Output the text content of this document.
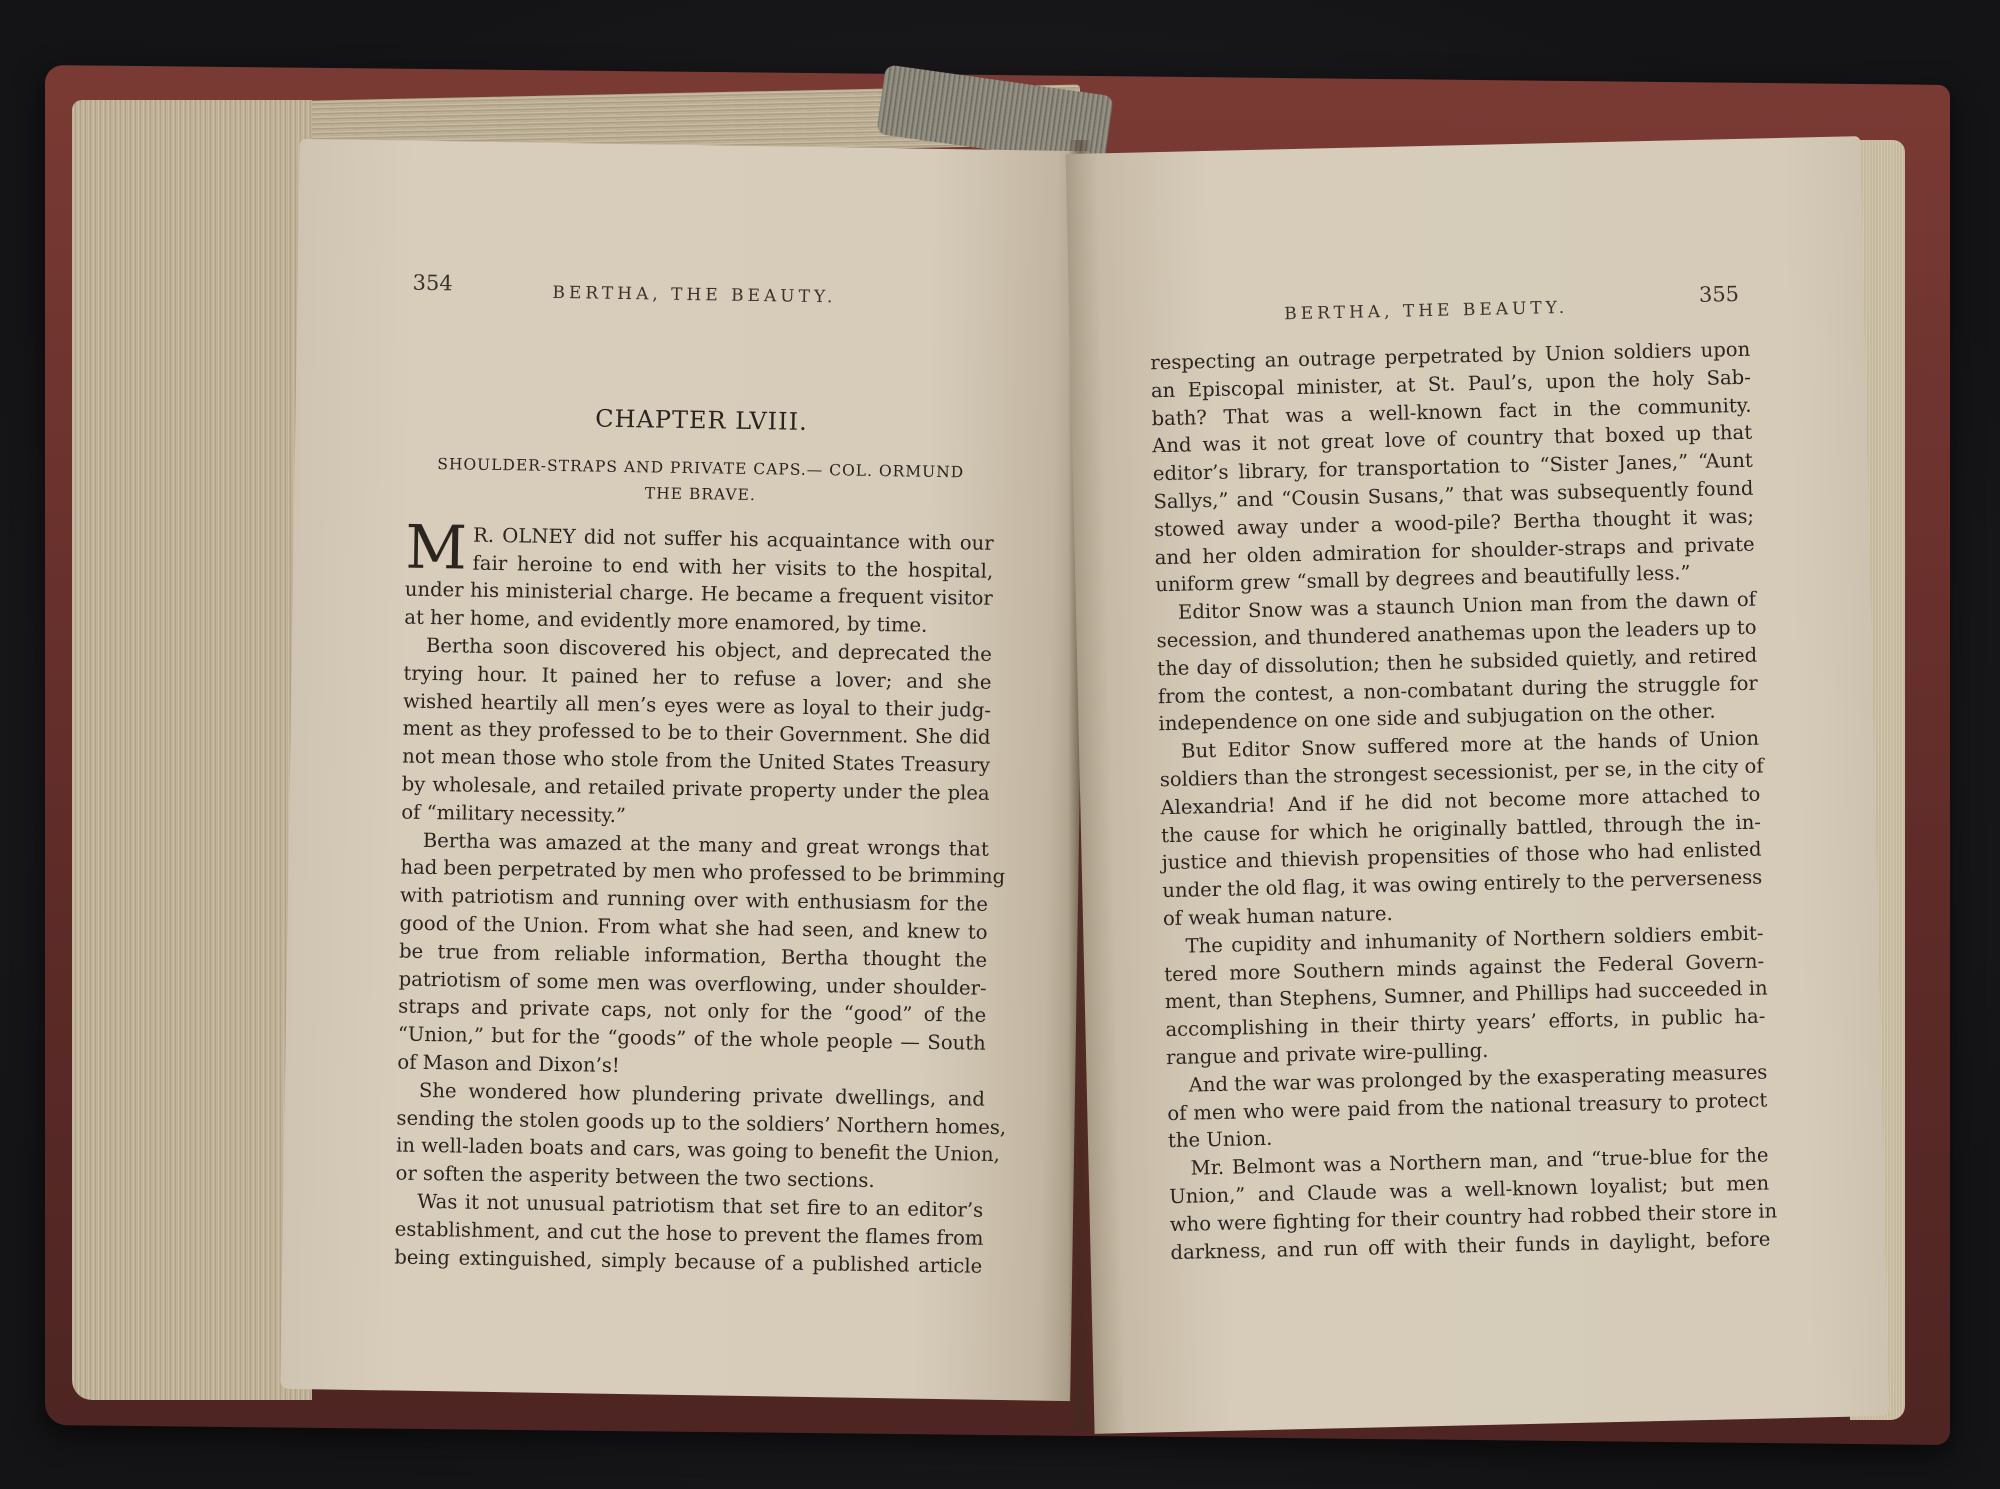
354	BERTHA, THE BEAUTY.
CHAPTER LVIII.
SHOULDER-STRAPS AND PRIVATE CAPS.— COL. ORMUND
THE BRAVE.
M R. OLNEY did not suffer his acquaintance with our
fair heroine to end with her visits to the hospital,
under his ministerial charge. He became a frequent visitor
at her home, and evidently more enamored, by time.
Bertha soon discovered his object, and deprecated the
trying hour. It pained her to refuse a lover; and she
wished heartily all men’s eyes were as loyal to their judg-
ment as they professed to be to their Government. She did
not mean those who stole from the United States Treasury
by wholesale, and retailed private property under the plea
of “military necessity.”
Bertha was amazed at the many and great wrongs that
had been perpetrated by men who professed to be brimming
with patriotism and running over with enthusiasm for the
good of the Union. From what she had seen, and knew to
be true from reliable information, Bertha thought the
patriotism of some men was overflowing, under shoulder-
straps and private caps, not only for the “good” of the
“Union,” but for the “goods” of the whole people — South
of Mason and Dixon’s!
She wondered how plundering private dwellings, and
sending the stolen goods up to the soldiers’ Northern homes,
in well-laden boats and cars, was going to benefit the Union,
or soften the asperity between the two sections.
Was it not unusual patriotism that set fire to an editor’s
establishment, and cut the hose to prevent the flames from
being extinguished, simply because of a published article
BERTHA, THE BEAUTY.
355
respecting an outrage perpetrated by Union soldiers upon
an Episcopal minister, at St. Paul’s, upon the holy Sab-
bath? That was a well-known fact in the community.
And was it not great love of country that boxed up that
editor’s library, for transportation to “Sister Janes,” “Aunt
Sallys,” and “Cousin Susans,” that was subsequently found
stowed away under a wood-pile? Bertha thought it was;
and her olden admiration for shoulder-straps and private
uniform grew “small by degrees and beautifully less.”
Editor Snow was a staunch Union man from the dawn of
secession, and thundered anathemas upon the leaders up to
the day of dissolution; then he subsided quietly, and retired
from the contest, a non-combatant during the struggle for
independence on one side and subjugation on the other.
But Editor Snow suffered more at the hands of Union
soldiers than the strongest secessionist, per se, in the city of
Alexandria! And if he did not become more attached to
the cause for which he originally battled, through the in-
justice and thievish propensities of those who had enlisted
under the old flag, it was owing entirely to the perverseness
of weak human nature.
The cupidity and inhumanity of Northern soldiers embit-
tered more Southern minds against the Federal Govern-
ment, than Stephens, Sumner, and Phillips had succeeded in
accomplishing in their thirty years’ efforts, in public ha-
rangue and private wire-pulling.
And the war was prolonged by the exasperating measures
of men who were paid from the national treasury to protect
the Union.
Mr. Belmont was a Northern man, and “true-blue for the
Union,” and Claude was a well-known loyalist; but men
who were fighting for their country had robbed their store in
darkness, and run off with their funds in daylight, before
